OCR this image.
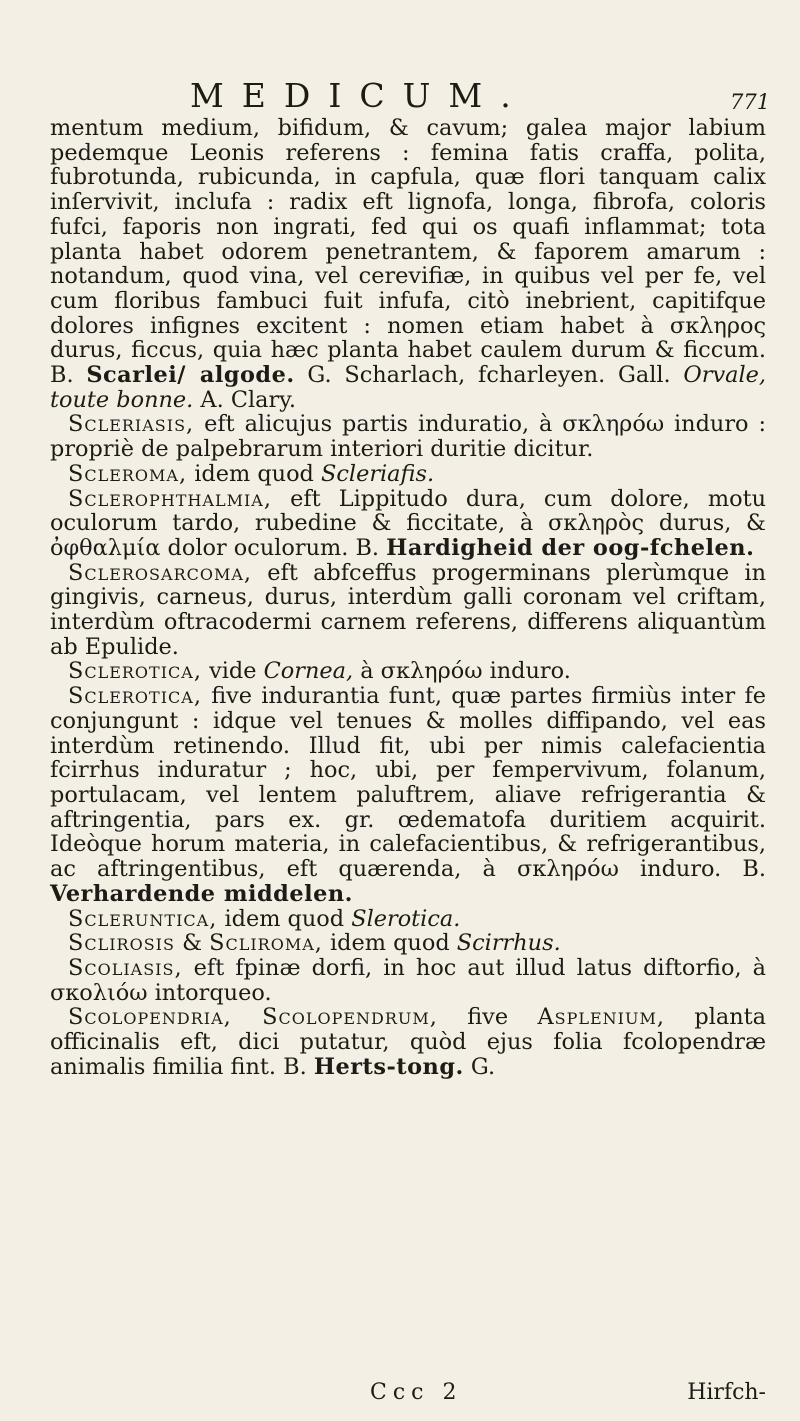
MEDICUM.	771

mentum medium, bifidum, & cavum; galea major labium pedemque Leonis referens : femina fatis craffa, polita, fubrotunda, rubicunda, in capfula, quæ flori tanquam calix inſervivit, inclufa : radix eft lignofa, longa, fibrofa, coloris fufci, faporis non ingrati, fed qui os quafi inflammat; tota planta habet odorem penetrantem, & faporem amarum : notandum, quod vina, vel cerevifiæ, in quibus vel per fe, vel cum floribus fambuci fuit infufa, citò inebrient, capitifque dolores infignes excitent : nomen etiam habet à σκληρος durus, ficcus, quia hæc planta habet caulem durum & ficcum. B. Scarlei/ algode. G. Scharlach, fcharleyen. Gall. Orvale, toute bonne. A. Clary.

Scleriasis, eft alicujus partis induratio, à σκληρόω induro : propriè de palpebrarum interiori duritie dicitur.

Scleroma, idem quod Scleriafis.

Sclerophthalmia, eft Lippitudo dura, cum dolore, motu oculorum tardo, rubedine & ficcitate, à σκληρὸς durus, & ὀφθαλμία dolor oculorum. B. Hardigheid der oog-fchelen.

Sclerosarcoma, eft abfceffus progerminans plerùmque in gingivis, carneus, durus, interdùm galli coronam vel criftam, interdùm oftracodermi carnem referens, differens aliquantùm ab Epulide.

Sclerotica, vide Cornea, à σκληρόω induro.

Sclerotica, five indurantia funt, quæ partes firmiùs inter fe conjungunt : idque vel tenues & molles diffipando, vel eas interdùm retinendo. Illud fit, ubi per nimis calefacientia fcirrhus induratur ; hoc, ubi, per fempervivum, folanum, portulacam, vel lentem paluftrem, aliave refrigerantia & aftringentia, pars ex. gr. œdematofa duritiem acquirit. Ideòque horum materia, in calefacientibus, & refrigerantibus, ac aftringentibus, eft quærenda, à σκληρόω induro. B. Verhardende middelen.

Scleruntica, idem quod Slerotica.

Sclirosis & Scliroma, idem quod Scirrhus.

Scoliasis, eft fpinæ dorfi, in hoc aut illud latus diftorfio, à σκολιόω intorqueo.

Scolopendria, Scolopendrum, five Asplenium, planta officinalis eft, dici putatur, quòd ejus folia fcolopendræ animalis fimilia fint. B. Herts-tong. G.

Ccc 2	Hirfch-
